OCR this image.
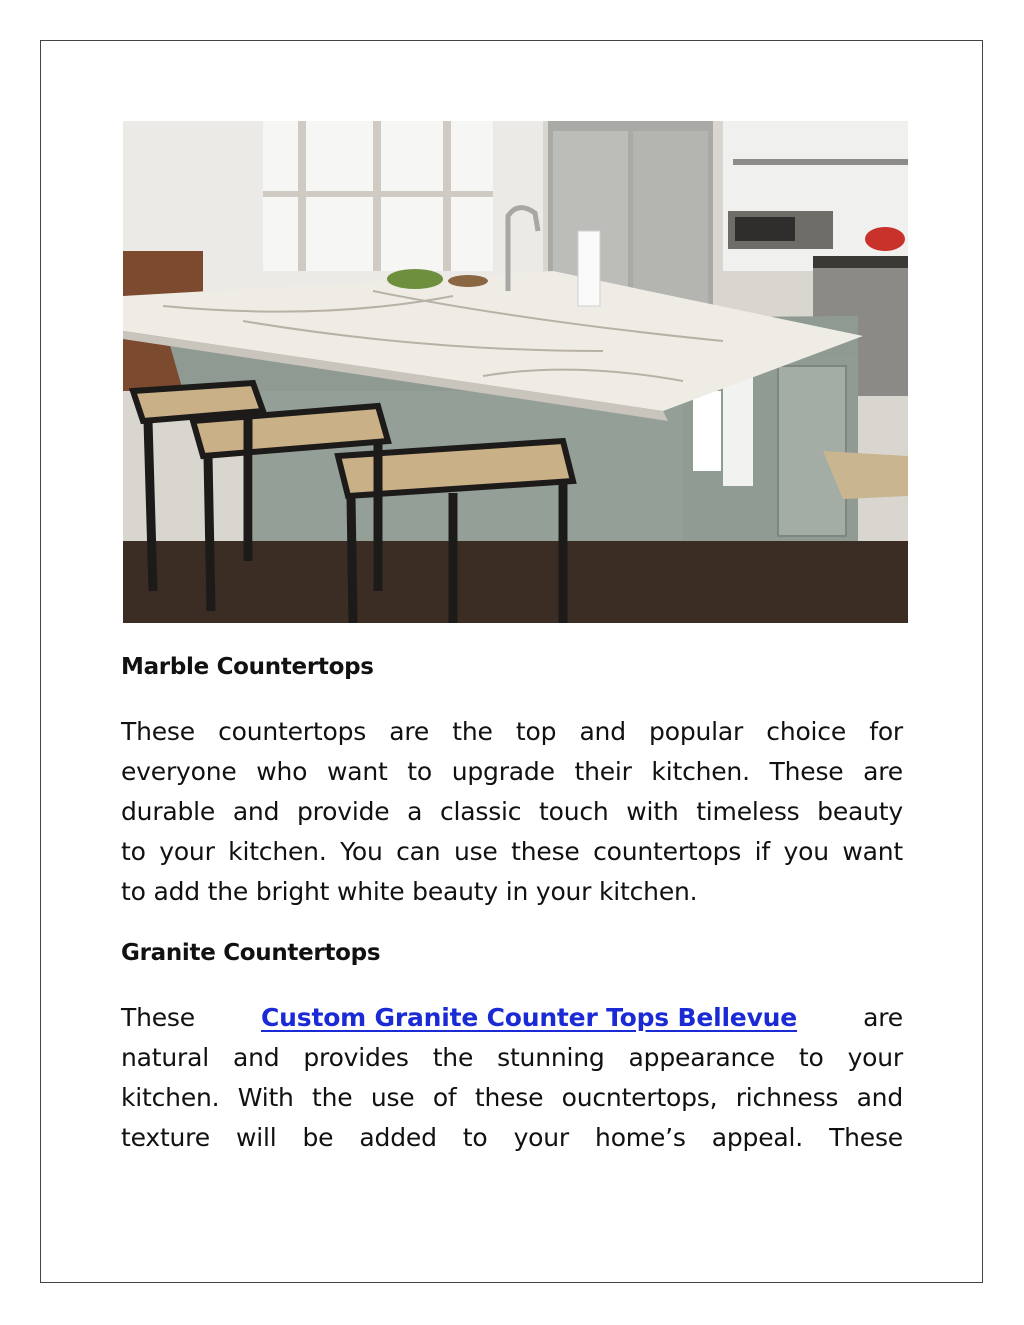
Marble Countertops
These countertops are the top and popular choice for
everyone who want to upgrade their kitchen. These are
durable and provide a classic touch with timeless beauty
to your kitchen. You can use these countertops if you want
to add the bright white beauty in your kitchen.
Granite Countertops
These	Custom Granite Counter Tops Bellevue	are
natural and provides the stunning appearance to your
kitchen. With the use of these oucntertops, richness and
texture will be added to your home’s appeal. These
